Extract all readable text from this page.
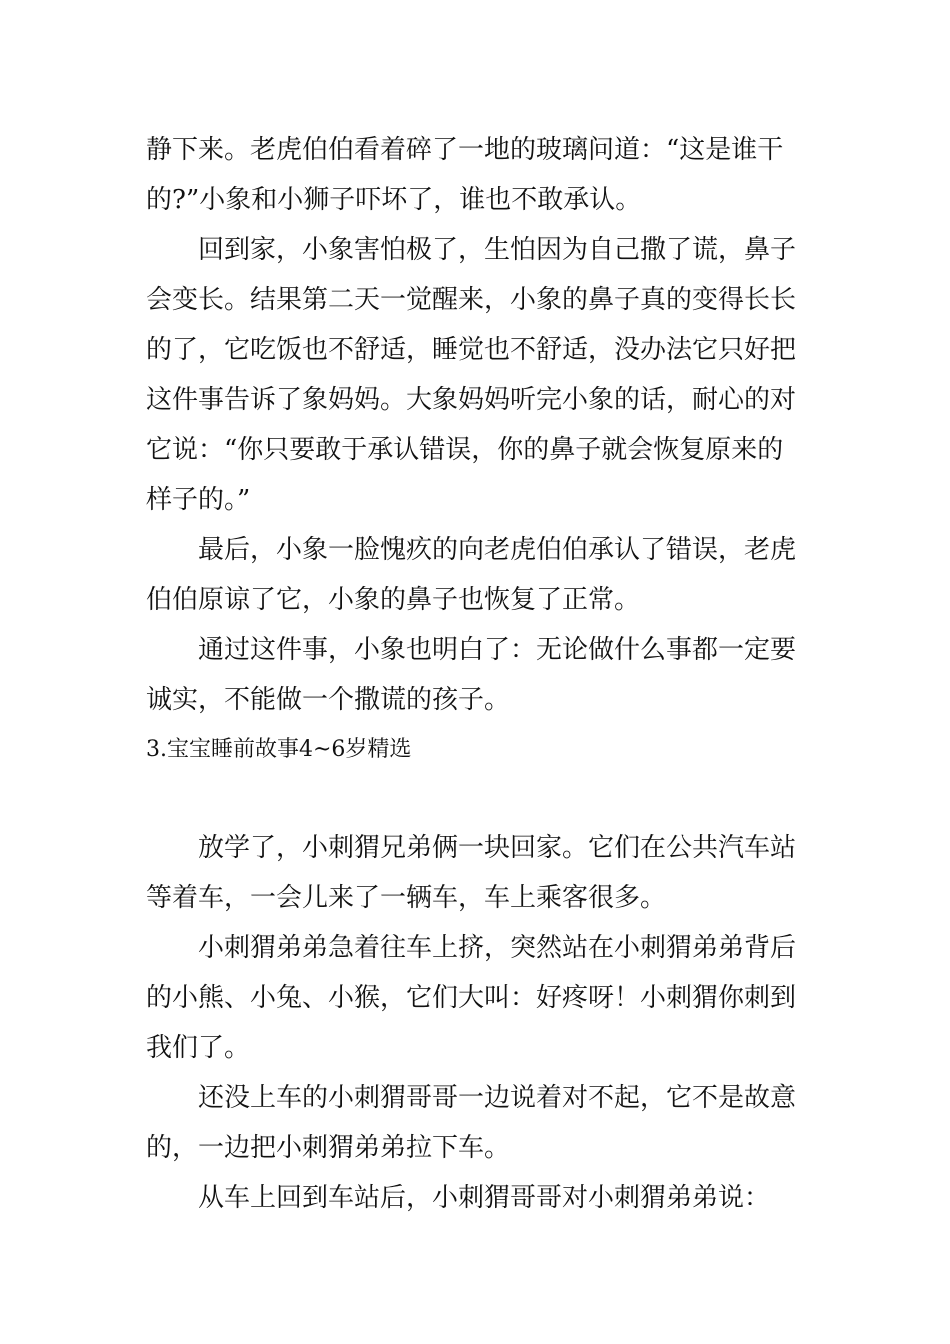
静下来。老虎伯伯看着碎了一地的玻璃问道：“这是谁干
的?”小象和小狮子吓坏了，谁也不敢承认。
回到家，小象害怕极了，生怕因为自己撒了谎，鼻子
会变长。结果第二天一觉醒来，小象的鼻子真的变得长长
的了，它吃饭也不舒适，睡觉也不舒适，没办法它只好把
这件事告诉了象妈妈。大象妈妈听完小象的话，耐心的对
它说：“你只要敢于承认错误，你的鼻子就会恢复原来的
样子的。”
最后，小象一脸愧疚的向老虎伯伯承认了错误，老虎
伯伯原谅了它，小象的鼻子也恢复了正常。
通过这件事，小象也明白了：无论做什么事都一定要
诚实，不能做一个撒谎的孩子。
3.宝宝睡前故事4~6岁精选
放学了，小刺猬兄弟俩一块回家。它们在公共汽车站
等着车，一会儿来了一辆车，车上乘客很多。
小刺猬弟弟急着往车上挤，突然站在小刺猬弟弟背后
的小熊、小兔、小猴，它们大叫：好疼呀！小刺猬你刺到
我们了。
还没上车的小刺猬哥哥一边说着对不起，它不是故意
的，一边把小刺猬弟弟拉下车。
从车上回到车站后，小刺猬哥哥对小刺猬弟弟说：
